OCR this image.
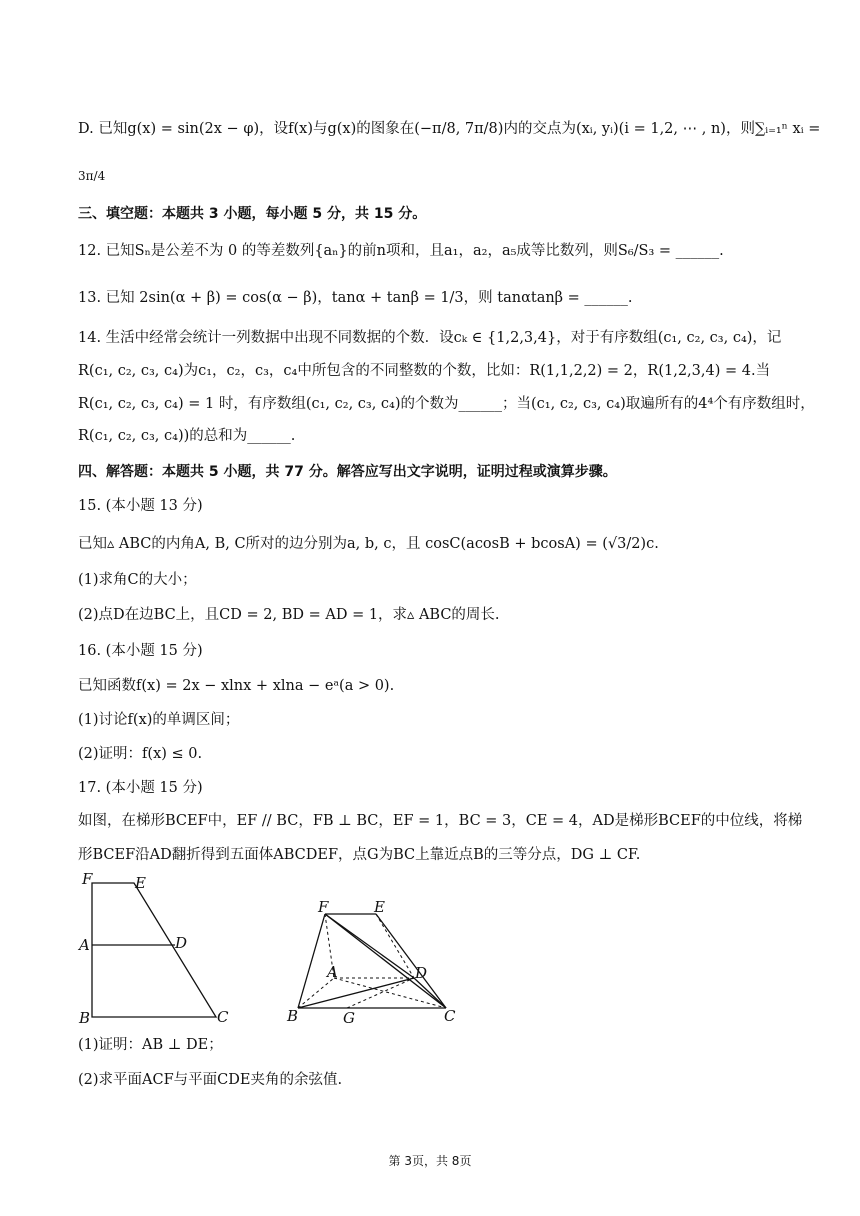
D. 已知g(x) = sin(2x − φ)，设f(x)与g(x)的图象在(−π/8, 7π/8)内的交点为(xᵢ, yᵢ)(i = 1,2, ⋯ , n)，则∑ᵢ₌₁ⁿ xᵢ =
3π/4
三、填空题：本题共 3 小题，每小题 5 分，共 15 分。
12. 已知Sₙ是公差不为 0 的等差数列{aₙ}的前n项和，且a₁，a₂，a₅成等比数列，则S₆/S₃ = ______.
13. 已知 2sin(α + β) = cos(α − β)，tanα + tanβ = 1/3，则 tanαtanβ = ______.
14. 生活中经常会统计一列数据中出现不同数据的个数．设cₖ ∈ {1,2,3,4}，对于有序数组(c₁, c₂, c₃, c₄)，记
R(c₁, c₂, c₃, c₄)为c₁，c₂，c₃，c₄中所包含的不同整数的个数，比如：R(1,1,2,2) = 2，R(1,2,3,4) = 4.当
R(c₁, c₂, c₃, c₄) = 1 时，有序数组(c₁, c₂, c₃, c₄)的个数为______；当(c₁, c₂, c₃, c₄)取遍所有的4⁴个有序数组时，
R(c₁, c₂, c₃, c₄))的总和为______.
四、解答题：本题共 5 小题，共 77 分。解答应写出文字说明，证明过程或演算步骤。
15. (本小题 13 分)
已知▵ ABC的内角A, B, C所对的边分别为a, b, c，且 cosC(acosB + bcosA) = (√3/2)c.
(1)求角C的大小；
(2)点D在边BC上，且CD = 2, BD = AD = 1，求▵ ABC的周长.
16. (本小题 15 分)
已知函数f(x) = 2x − xlnx + xlna − eᵃ(a > 0).
(1)讨论f(x)的单调区间；
(2)证明：f(x) ≤ 0.
17. (本小题 15 分)
如图，在梯形BCEF中，EF // BC，FB ⊥ BC，EF = 1，BC = 3，CE = 4，AD是梯形BCEF的中位线，将梯
形BCEF沿AD翻折得到五面体ABCDEF，点G为BC上靠近点B的三等分点，DG ⊥ CF.
F	E
A	D
B	C
F	E
A	D
B	G	C
(1)证明：AB ⊥ DE；
(2)求平面ACF与平面CDE夹角的余弦值.
第 3页，共 8页
